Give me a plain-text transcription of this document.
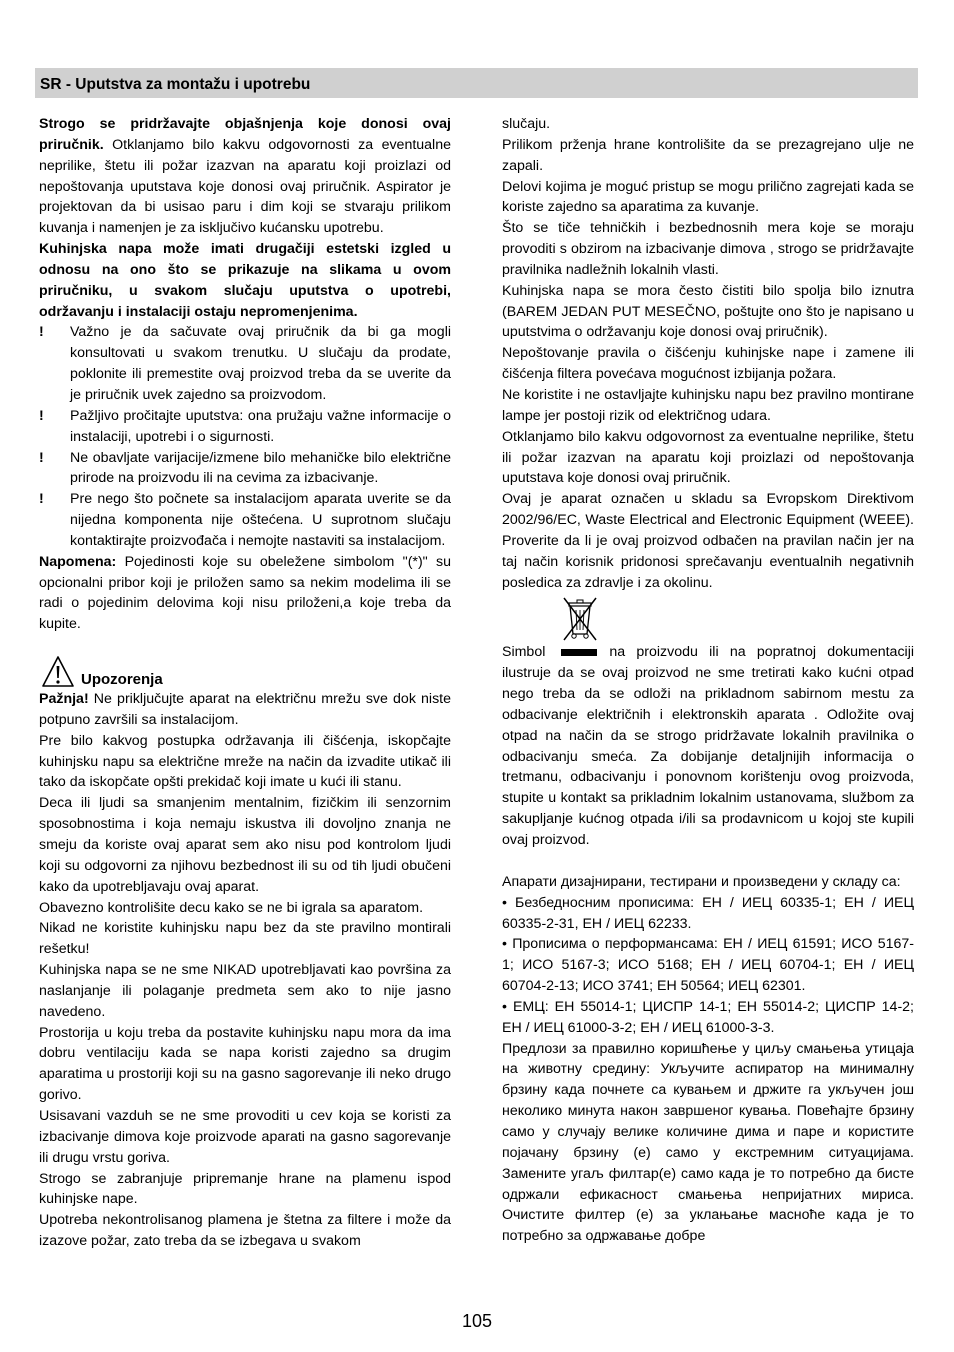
SR - Uputstva za montažu i upotrebu

Strogo se pridržavajte objašnjenja koje donosi ovaj priručnik. Otklanjamo bilo kakvu odgovornosti za eventualne neprilike, štetu ili požar izazvan na aparatu koji proizlazi od nepoštovanja uputstava koje donosi ovaj priručnik. Aspirator je projektovan da bi usisao paru i dim koji se stvaraju prilikom kuvanja i namenjen je za isključivo kućansku upotrebu.

Kuhinjska napa može imati drugačiji estetski izgled u odnosu na ono što se prikazuje na slikama u ovom priručniku, u svakom slučaju uputstva o upotrebi, održavanju i instalaciji ostaju nepromenjenima.

!	Važno je da sačuvate ovaj priručnik da bi ga mogli konsultovati u svakom trenutku. U slučaju da prodate, poklonite ili premestite ovaj proizvod treba da se uverite da je priručnik uvek zajedno sa proizvodom.
!	Pažljivo pročitajte uputstva: ona pružaju važne informacije o instalaciji, upotrebi i o sigurnosti.
!	Ne obavljate varijacije/izmene bilo mehaničke bilo električne prirode na proizvodu ili na cevima za izbacivanje.
!	Pre nego što počnete sa instalacijom aparata uverite se da nijedna komponenta nije oštećena. U suprotnom slučaju kontaktirajte proizvođača i nemojte nastaviti sa instalacijom.

Napomena: Pojedinosti koje su obeležene simbolom "(*)" su opcionalni pribor koji je priložen samo sa nekim modelima ili se radi o pojedinim delovima koji nisu priloženi,a koje treba da kupite.

Upozorenja

Pažnja! Ne priključujte aparat na električnu mrežu sve dok niste potpuno završili sa instalacijom.

Pre bilo kakvog postupka održavanja ili čišćenja, iskopčajte kuhinjsku napu sa električne mreže na način da izvadite utikač ili tako da iskopčate opšti prekidač koji imate u kući ili stanu.

Deca ili ljudi sa smanjenim mentalnim, fizičkim ili senzornim sposobnostima i koja nemaju iskustva ili dovoljno znanja ne smeju da koriste ovaj aparat sem ako nisu pod kontrolom ljudi koji su odgovorni za njihovu bezbednost ili su od tih ljudi obučeni kako da upotrebljavaju ovaj aparat.

Obavezno kontrolišite decu kako se ne bi igrala sa aparatom.

Nikad ne koristite kuhinjsku napu bez da ste pravilno montirali rešetku!

Kuhinjska napa se ne sme NIKAD upotrebljavati kao površina za naslanjanje ili polaganje predmeta sem ako to nije jasno navedeno.

Prostorija u koju treba da postavite kuhinjsku napu mora da ima dobru ventilaciju kada se napa koristi zajedno sa drugim aparatima u prostoriji koji su na gasno sagorevanje ili neko drugo gorivo.

Usisavani vazduh se ne sme provoditi u cev koja se koristi za izbacivanje dimova koje proizvode aparati na gasno sagorevanje ili drugu vrstu goriva.

Strogo se zabranjuje pripremanje hrane na plamenu ispod kuhinjske nape.

Upotreba nekontrolisanog plamena je štetna za filtere i može da izazove požar, zato treba da se izbegava u svakom

slučaju.

Prilikom prženja hrane kontrolišite da se prezagrejano ulje ne zapali.

Delovi kojima je moguć pristup se mogu prilično zagrejati kada se koriste zajedno sa aparatima za kuvanje.

Što se tiče tehničkih i bezbednosnih mera koje se moraju provoditi s obzirom na izbacivanje dimova , strogo se pridržavajte pravilnika nadležnih lokalnih vlasti.

Kuhinjska napa se mora često čistiti bilo spolja bilo iznutra (BAREM JEDAN PUT MESEČNO, poštujte ono što je napisano u uputstvima o održavanju koje donosi ovaj priručnik).

Nepoštovanje pravila o čišćenju kuhinjske nape i zamene ili čišćenja filtera povećava mogućnost izbijanja požara.

Ne koristite i ne ostavljajte kuhinjsku napu bez pravilno montirane lampe jer postoji rizik od električnog udara.

Otklanjamo bilo kakvu odgovornost za eventualne neprilike, štetu ili požar izazvan na aparatu koji proizlazi od nepoštovanja uputstava koje donosi ovaj priručnik.

Ovaj je aparat označen u skladu sa Evropskom Direktivom 2002/96/EC, Waste Electrical and Electronic Equipment (WEEE). Proverite da li je ovaj proizvod odbačen na pravilan način jer na taj način korisnik pridonosi sprečavanju eventualnih negativnih posledica za zdravlje i za okolinu.

Simbol	na proizvodu ili na popratnoj dokumentaciji ilustruje da se ovaj proizvod ne sme tretirati kako kućni otpad nego treba da se odloži na prikladnom sabirnom mestu za odbacivanje električnih i elektronskih aparata . Odložite ovaj otpad na način da se strogo pridržavate lokalnih pravilnika o odbacivanju smeća. Za dobijanje detaljnijih informacija o tretmanu, odbacivanju i ponovnom korištenju ovog proizvoda, stupite u kontakt sa prikladnim lokalnim ustanovama, službom za sakupljanje kućnog otpada i/ili sa prodavnicom u kojoj ste kupili ovaj proizvod.

Апарати дизајнирани, тестирани и произведени у складу са:

• Безбедносним прописима: ЕН / ИЕЦ 60335-1; ЕН / ИЕЦ 60335-2-31, ЕН / ИЕЦ 62233.

• Прописима о перформансама: ЕН / ИЕЦ 61591; ИСО 5167-1; ИСО 5167-3; ИСО 5168; ЕН / ИЕЦ 60704-1; ЕН / ИЕЦ 60704-2-13; ИСО 3741; ЕН 50564; ИЕЦ 62301.

• ЕМЦ: ЕН 55014-1; ЦИСПР 14-1; ЕН 55014-2; ЦИСПР 14-2; ЕН / ИЕЦ 61000-3-2; ЕН / ИЕЦ 61000-3-3.

Предлози за правилно коришћење у циљу смањења утицаја на животну средину: Укључите аспиратор на минималну брзину када почнете са кувањем и држите га укључен још неколико минута након завршеног кувања. Повећајте брзину само у случају велике количине дима и паре и користите појачану брзину (е) само у екстремним ситуацијама. Замените угаљ филтар(е) само када је то потребно да бисте одржали ефикасност смањења непријатних мириса. Очистите филтер (е) за уклањање масноће када је то потребно за одржавање добре

105
